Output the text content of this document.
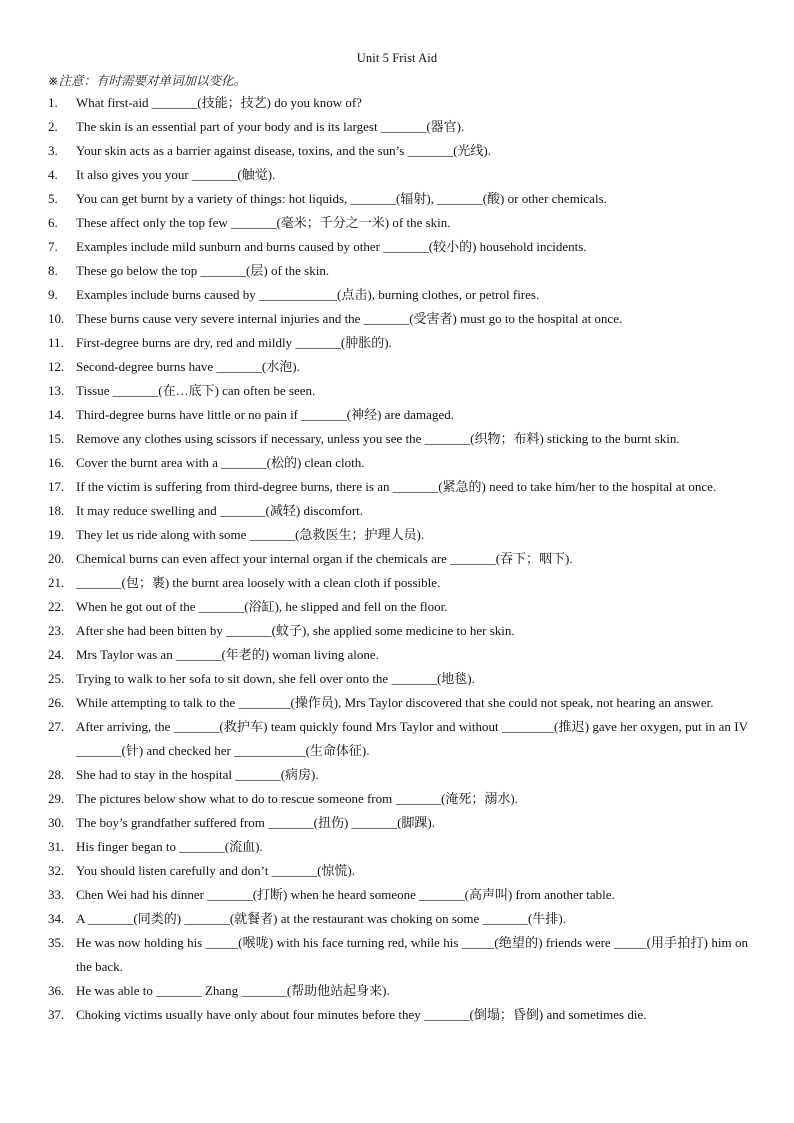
Unit 5 Frist Aid
※注意：有时需要对单词加以变化。
1.	What first-aid _______(技能；技艺) do you know of?
2.	The skin is an essential part of your body and is its largest _______(器官).
3.	Your skin acts as a barrier against disease, toxins, and the sun’s _______(光线).
4.	It also gives you your _______(触觉).
5.	You can get burnt by a variety of things: hot liquids, _______(辐射), _______(酸) or other chemicals.
6.	These affect only the top few _______(毫米；千分之一米) of the skin.
7.	Examples include mild sunburn and burns caused by other _______(较小的) household incidents.
8.	These go below the top _______(层) of the skin.
9.	Examples include burns caused by ____________(点击), burning clothes, or petrol fires.
10. These burns cause very severe internal injuries and the _______(受害者) must go to the hospital at once.
11. First-degree burns are dry, red and mildly _______(肿胀的).
12. Second-degree burns have _______(水泡).
13. Tissue _______(在…底下) can often be seen.
14. Third-degree burns have little or no pain if _______(神经) are damaged.
15. Remove any clothes using scissors if necessary, unless you see the _______(织物；布料) sticking to the burnt skin.
16. Cover the burnt area with a _______(松的) clean cloth.
17. If the victim is suffering from third-degree burns, there is an _______(紧急的) need to take him/her to the hospital at once.
18. It may reduce swelling and _______(减轻) discomfort.
19. They let us ride along with some _______(急救医生；护理人员).
20. Chemical burns can even affect your internal organ if the chemicals are _______(吞下；咽下).
21. _______(包；裹) the burnt area loosely with a clean cloth if possible.
22. When he got out of the _______(浴缸), he slipped and fell on the floor.
23. After she had been bitten by _______(蚊子), she applied some medicine to her skin.
24. Mrs Taylor was an _______(年老的) woman living alone.
25. Trying to walk to her sofa to sit down, she fell over onto the _______(地毯).
26. While attempting to talk to the ________(操作员), Mrs Taylor discovered that she could not speak, not hearing an answer.
27. After arriving, the _______(救护车) team quickly found Mrs Taylor and without ________(推迟) gave her oxygen, put in an IV _______(针) and checked her ___________(生命体征).
28. She had to stay in the hospital _______(病房).
29. The pictures below show what to do to rescue someone from _______(淹死；溺水).
30. The boy’s grandfather suffered from _______(扭伤) _______(脚踝).
31. His finger began to _______(流血).
32. You should listen carefully and don’t _______(惊慌).
33. Chen Wei had his dinner _______(打断) when he heard someone _______(高声叫) from another table.
34. A _______(同类的) _______(就餐者) at the restaurant was choking on some _______(牛排).
35. He was now holding his _____(喉咙) with his face turning red, while his _____(绝望的) friends were _____(用手拍打) him on the back.
36. He was able to _______ Zhang _______(帮助他站起身来).
37. Choking victims usually have only about four minutes before they _______(倒塌；昏倒) and sometimes die.
